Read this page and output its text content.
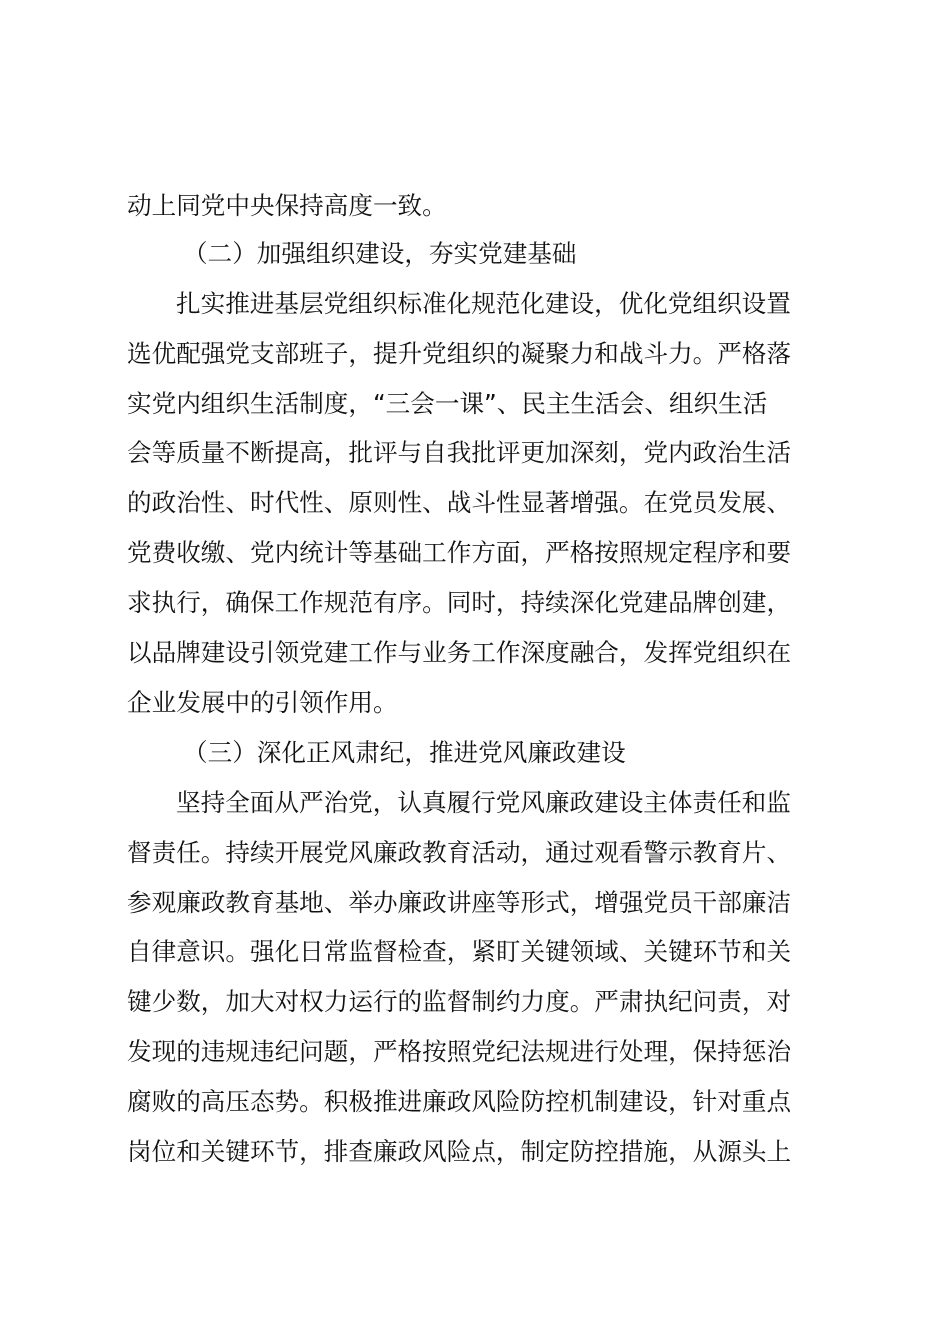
动上同党中央保持高度一致。
（二）加强组织建设，夯实党建基础
扎实推进基层党组织标准化规范化建设，优化党组织设置
选优配强党支部班子，提升党组织的凝聚力和战斗力。严格落
实党内组织生活制度，“三会一课”、民主生活会、组织生活
会等质量不断提高，批评与自我批评更加深刻，党内政治生活
的政治性、时代性、原则性、战斗性显著增强。在党员发展、
党费收缴、党内统计等基础工作方面，严格按照规定程序和要
求执行，确保工作规范有序。同时，持续深化党建品牌创建，
以品牌建设引领党建工作与业务工作深度融合，发挥党组织在
企业发展中的引领作用。
（三）深化正风肃纪，推进党风廉政建设
坚持全面从严治党，认真履行党风廉政建设主体责任和监
督责任。持续开展党风廉政教育活动，通过观看警示教育片、
参观廉政教育基地、举办廉政讲座等形式，增强党员干部廉洁
自律意识。强化日常监督检查，紧盯关键领域、关键环节和关
键少数，加大对权力运行的监督制约力度。严肃执纪问责，对
发现的违规违纪问题，严格按照党纪法规进行处理，保持惩治
腐败的高压态势。积极推进廉政风险防控机制建设，针对重点
岗位和关键环节，排查廉政风险点，制定防控措施，从源头上
